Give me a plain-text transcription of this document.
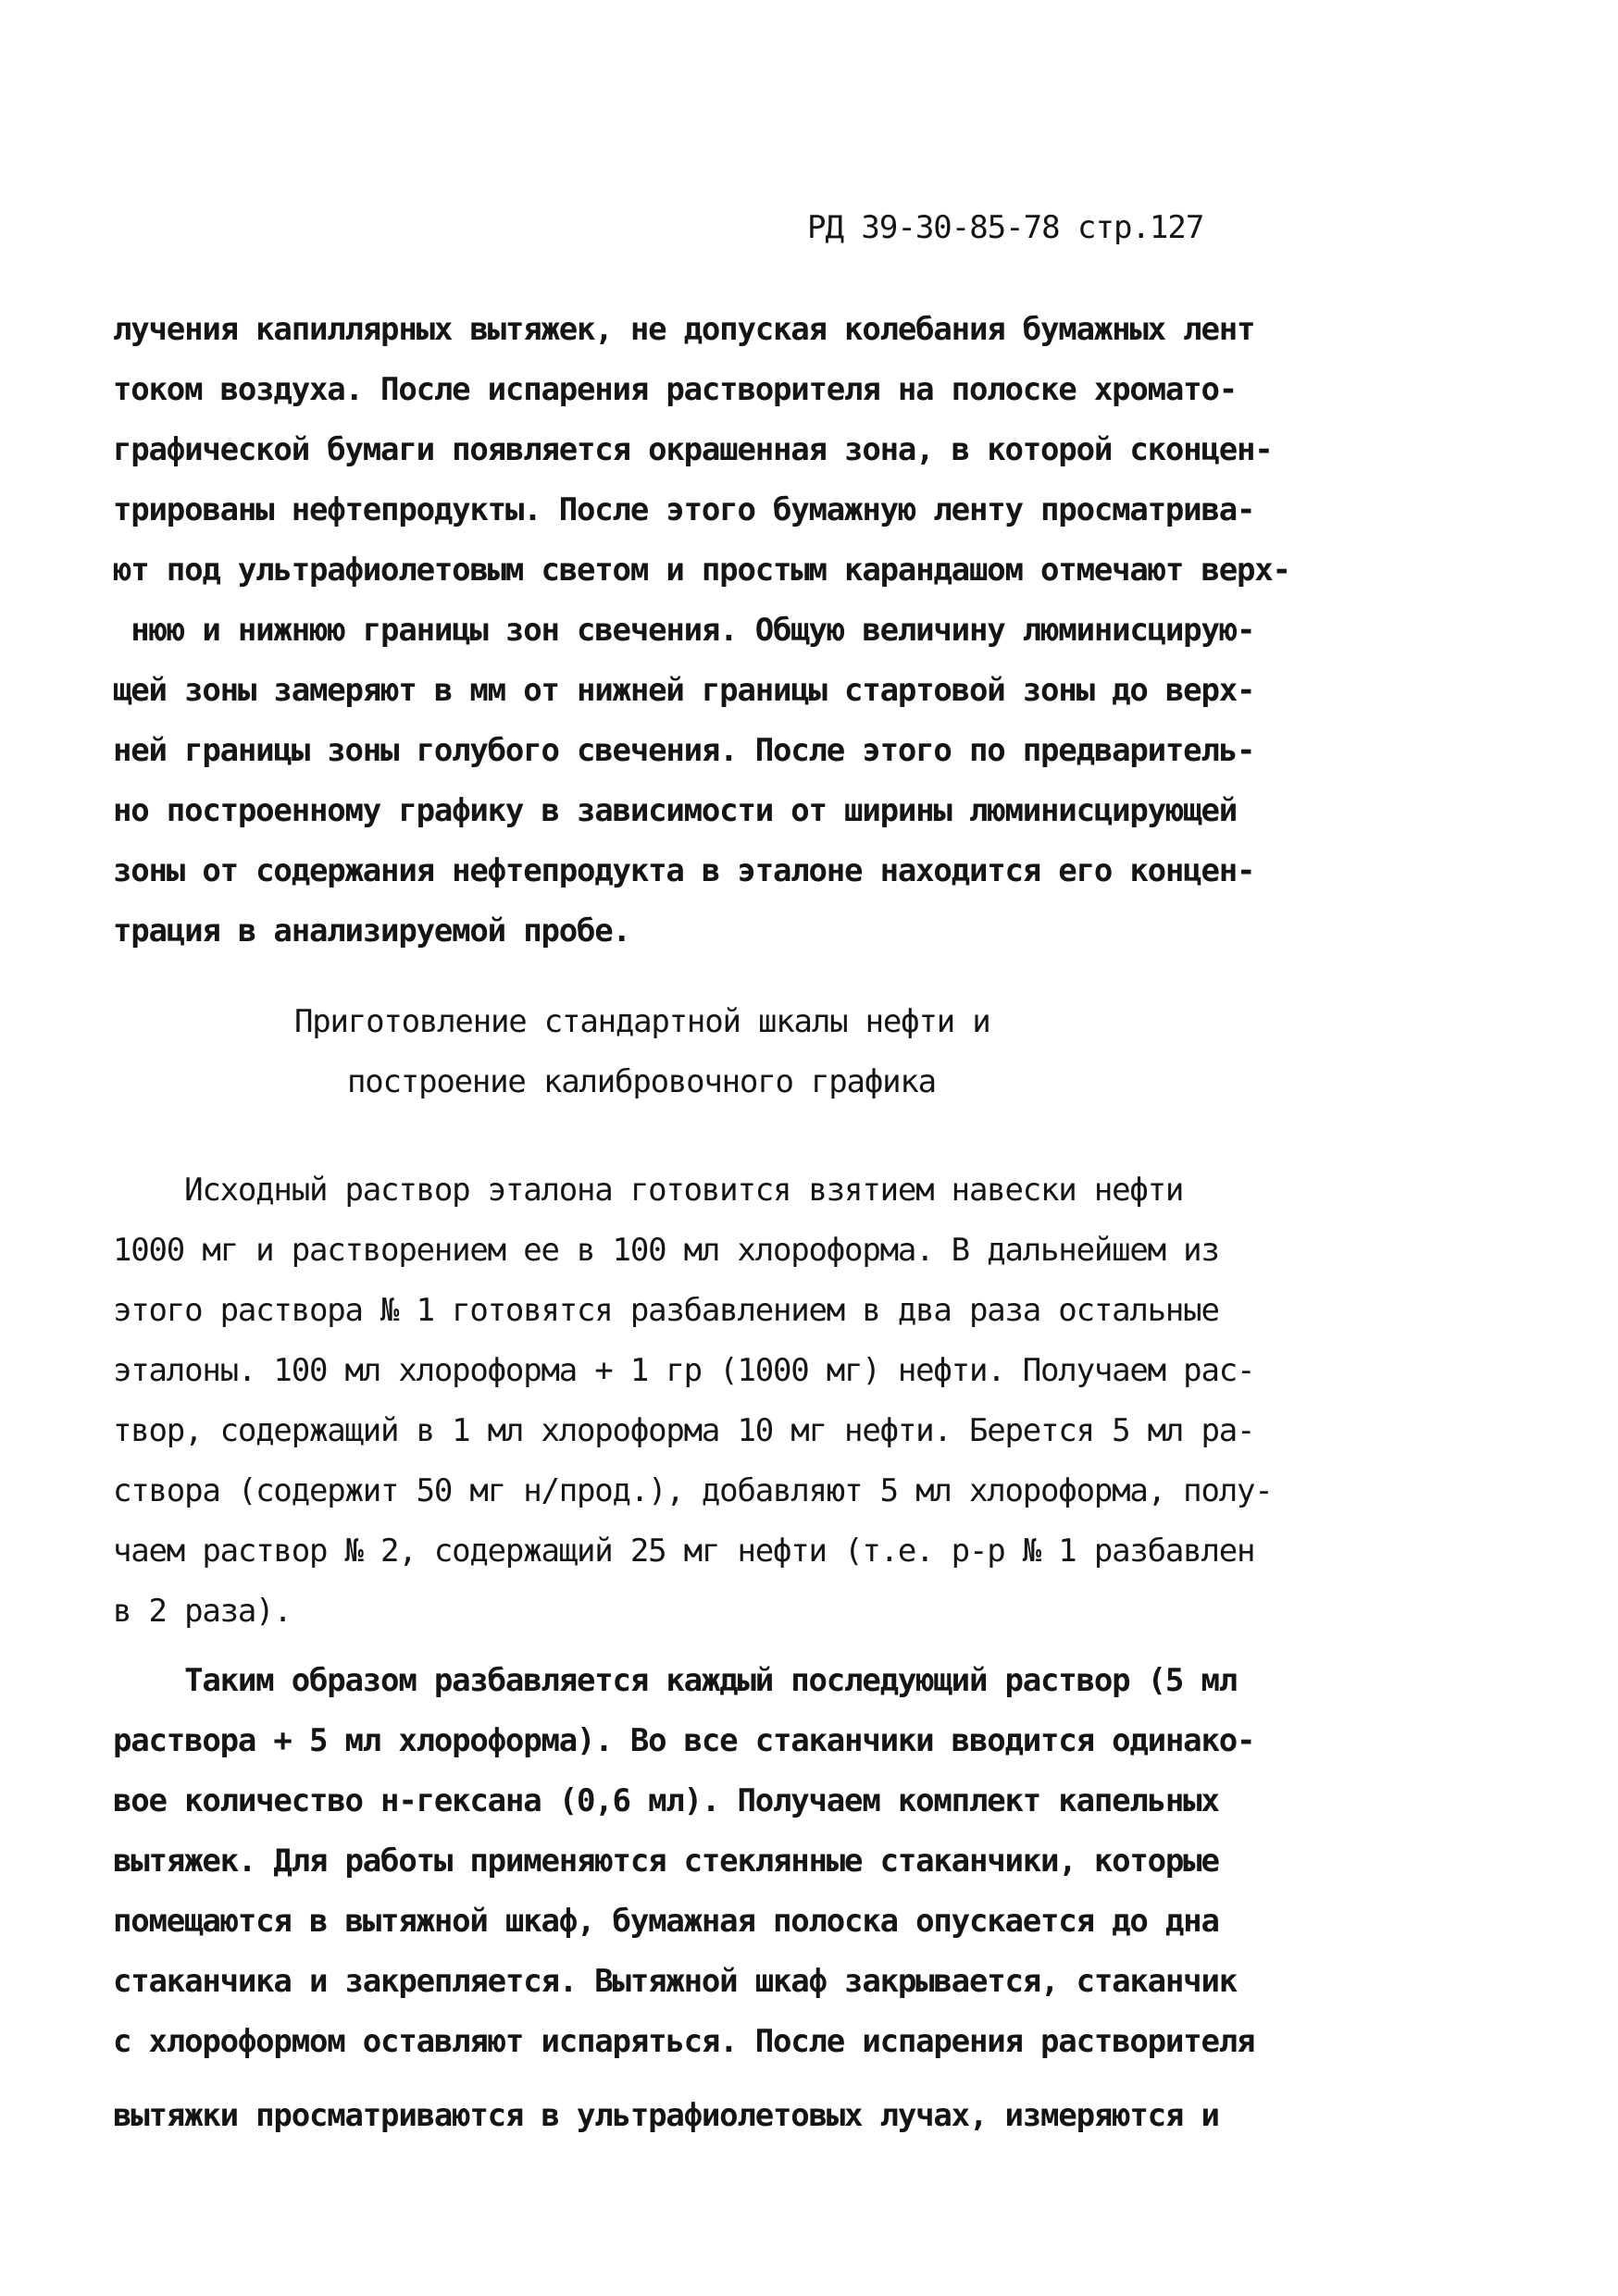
РД 39-30-85-78 стр.127
лучения капиллярных вытяжек, не допуская колебания бумажных лент
током воздуха. После испарения растворителя на полоске хромато-
графической бумаги появляется окрашенная зона, в которой сконцен-
трированы нефтепродукты. После этого бумажную ленту просматрива-
ют под ультрафиолетовым светом и простым карандашом отмечают верх-
нюю и нижнюю границы зон свечения. Общую величину люминисцирую-
щей зоны замеряют в мм от нижней границы стартовой зоны до верх-
ней границы зоны голубого свечения. После этого по предваритель-
но построенному графику в зависимости от ширины люминисцирующей
зоны от содержания нефтепродукта в эталоне находится его концен-
трация в анализируемой пробе.
Приготовление стандартной шкалы нефти и
построение калибровочного графика
Исходный раствор эталона готовится взятием навески нефти
1000 мг и растворением ее в 100 мл хлороформа. В дальнейшем из
этого раствора № 1 готовятся разбавлением в два раза остальные
эталоны. 100 мл хлороформа + 1 гр (1000 мг) нефти. Получаем рас-
твор, содержащий в 1 мл хлороформа 10 мг нефти. Берется 5 мл ра-
створа (содержит 50 мг н/прод.), добавляют 5 мл хлороформа, полу-
чаем раствор № 2, содержащий 25 мг нефти (т.е. р-р № 1 разбавлен
в 2 раза).
Таким образом разбавляется каждый последующий раствор (5 мл
раствора + 5 мл хлороформа). Во все стаканчики вводится одинако-
вое количество н-гексана (0,6 мл). Получаем комплект капельных
вытяжек. Для работы применяются стеклянные стаканчики, которые
помещаются в вытяжной шкаф, бумажная полоска опускается до дна
стаканчика и закрепляется. Вытяжной шкаф закрывается, стаканчик
с хлороформом оставляют испаряться. После испарения растворителя
вытяжки просматриваются в ультрафиолетовых лучах, измеряются и
